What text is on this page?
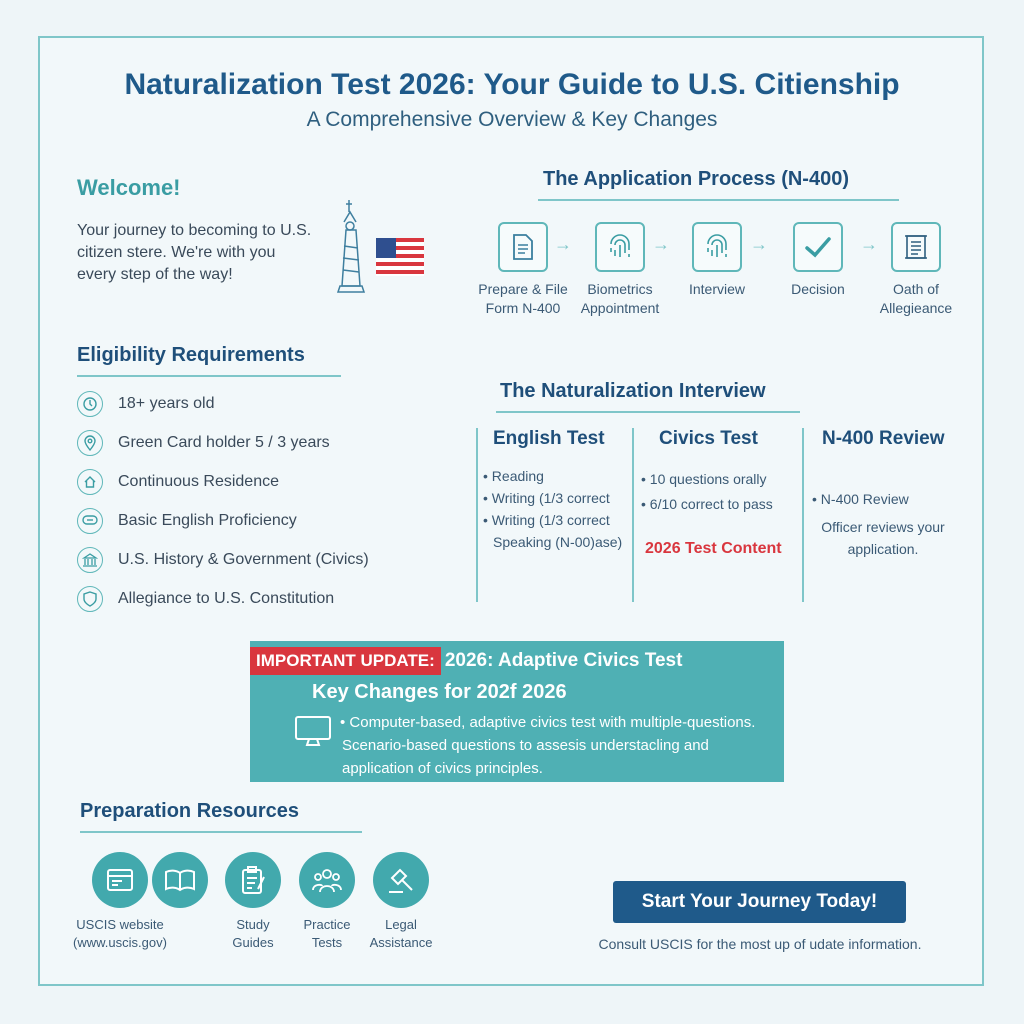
Naturalization Test 2026: Your Guide to U.S. Citienship
A Comprehensive Overview & Key Changes
Welcome!
Your journey to becoming to U.S.
citizen stere. We're with you
every step of the way!
The Application Process (N-400)
Prepare & File
Form N-400
→
Biometrics
Appointment
→
Interview
→
Decision
→
Oath of
Allegieance
Eligibility Requirements
18+ years old
Green Card holder 5 / 3 years
Continuous Residence
Basic English Proficiency
U.S. History & Government (Civics)
Allegiance to U.S. Constitution
The Naturalization Interview
English Test
• Reading
• Writing (1/3 correct
• Writing (1/3 correct
Speaking (N-00)ase)
Civics Test
• 10 questions orally
• 6/10 correct to pass
2026 Test Content
N-400 Review
• N-400 Review
Officer reviews your
application.
IMPORTANT UPDATE: 2026: Adaptive Civics Test
Key Changes for 202f 2026
• Computer-based, adaptive civics test with multiple-questions.
Scenario-based questions to assesis understacling and
application of civics principles.
Preparation Resources
USCIS website
(www.uscis.gov)
Study
Guides
Practice
Tests
Legal
Assistance
Start Your Journey Today!
Consult USCIS for the most up of udate information.
